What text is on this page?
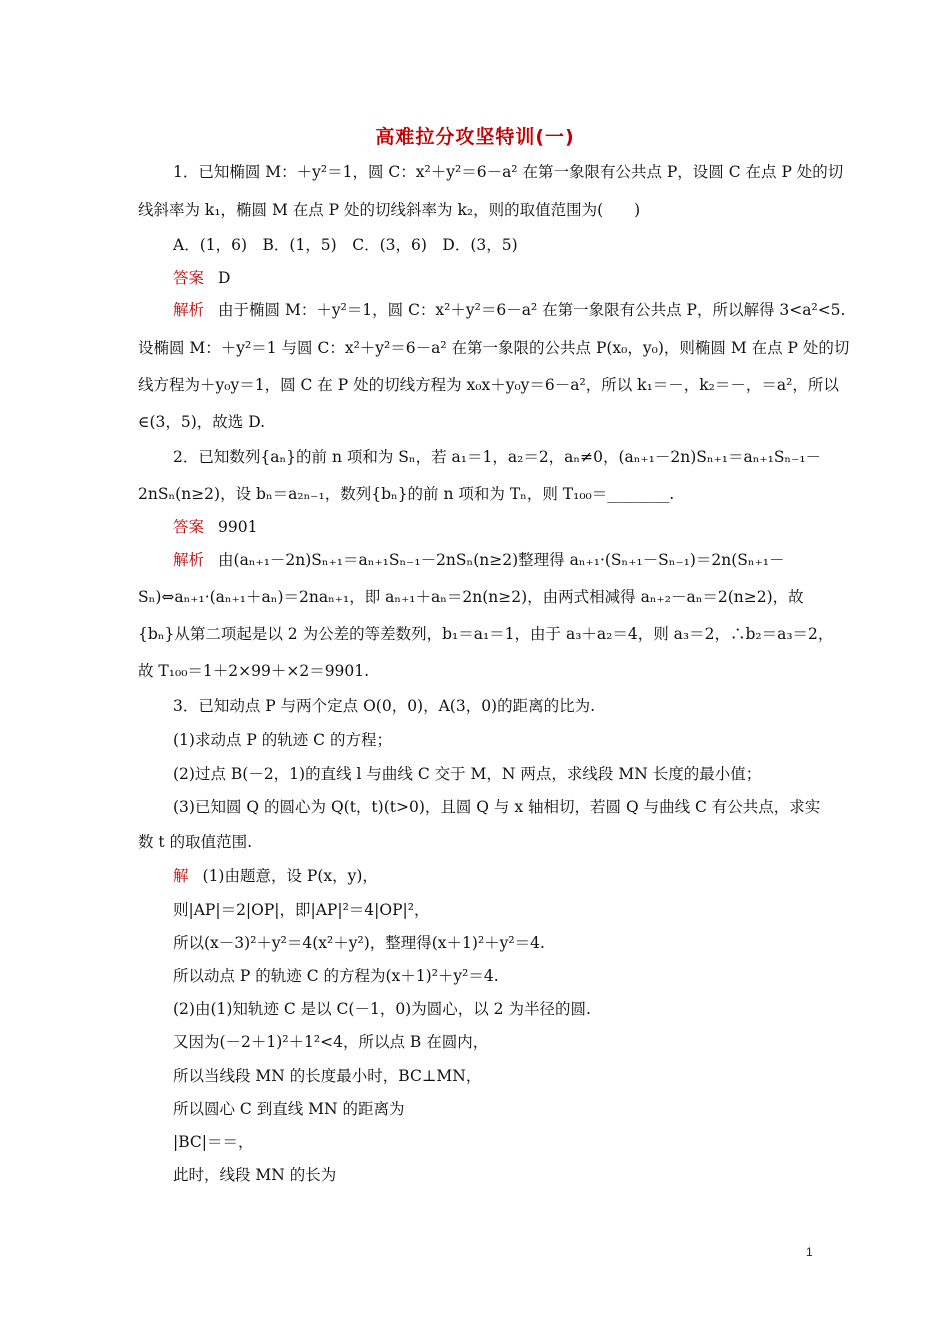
高难拉分攻坚特训(一)
1．已知椭圆 M：＋y²＝1，圆 C：x²＋y²＝6－a² 在第一象限有公共点 P，设圆 C 在点 P 处的切
线斜率为 k₁，椭圆 M 在点 P 处的切线斜率为 k₂，则的取值范围为(　　)
A．(1，6)　B．(1，5)　C．(3，6)　D．(3，5)
答案 D
解析 由于椭圆 M：＋y²＝1，圆 C：x²＋y²＝6－a² 在第一象限有公共点 P，所以解得 3<a²<5.
设椭圆 M：＋y²＝1 与圆 C：x²＋y²＝6－a² 在第一象限的公共点 P(x₀，y₀)，则椭圆 M 在点 P 处的切
线方程为＋y₀y＝1，圆 C 在 P 处的切线方程为 x₀x＋y₀y＝6－a²，所以 k₁＝－，k₂＝－，＝a²，所以
∈(3，5)，故选 D.
2．已知数列{aₙ}的前 n 项和为 Sₙ，若 a₁＝1，a₂＝2，aₙ≠0，(aₙ₊₁－2n)Sₙ₊₁＝aₙ₊₁Sₙ₋₁－
2nSₙ(n≥2)，设 bₙ＝a₂ₙ₋₁，数列{bₙ}的前 n 项和为 Tₙ，则 T₁₀₀＝________.
答案 9901
解析 由(aₙ₊₁－2n)Sₙ₊₁＝aₙ₊₁Sₙ₋₁－2nSₙ(n≥2)整理得 aₙ₊₁·(Sₙ₊₁－Sₙ₋₁)＝2n(Sₙ₊₁－
Sₙ)⇔aₙ₊₁·(aₙ₊₁＋aₙ)＝2naₙ₊₁，即 aₙ₊₁＋aₙ＝2n(n≥2)，由两式相减得 aₙ₊₂－aₙ＝2(n≥2)，故
{bₙ}从第二项起是以 2 为公差的等差数列，b₁＝a₁＝1，由于 a₃＋a₂＝4，则 a₃＝2，∴b₂＝a₃＝2，
故 T₁₀₀＝1＋2×99＋×2＝9901.
3．已知动点 P 与两个定点 O(0，0)，A(3，0)的距离的比为.
(1)求动点 P 的轨迹 C 的方程；
(2)过点 B(－2，1)的直线 l 与曲线 C 交于 M，N 两点，求线段 MN 长度的最小值；
(3)已知圆 Q 的圆心为 Q(t，t)(t>0)，且圆 Q 与 x 轴相切，若圆 Q 与曲线 C 有公共点，求实
数 t 的取值范围.
解 (1)由题意，设 P(x，y)，
则|AP|＝2|OP|，即|AP|²＝4|OP|²，
所以(x－3)²＋y²＝4(x²＋y²)，整理得(x＋1)²＋y²＝4.
所以动点 P 的轨迹 C 的方程为(x＋1)²＋y²＝4.
(2)由(1)知轨迹 C 是以 C(－1，0)为圆心，以 2 为半径的圆.
又因为(－2＋1)²＋1²<4，所以点 B 在圆内，
所以当线段 MN 的长度最小时，BC⊥MN，
所以圆心 C 到直线 MN 的距离为
|BC|＝＝，
此时，线段 MN 的长为
1
